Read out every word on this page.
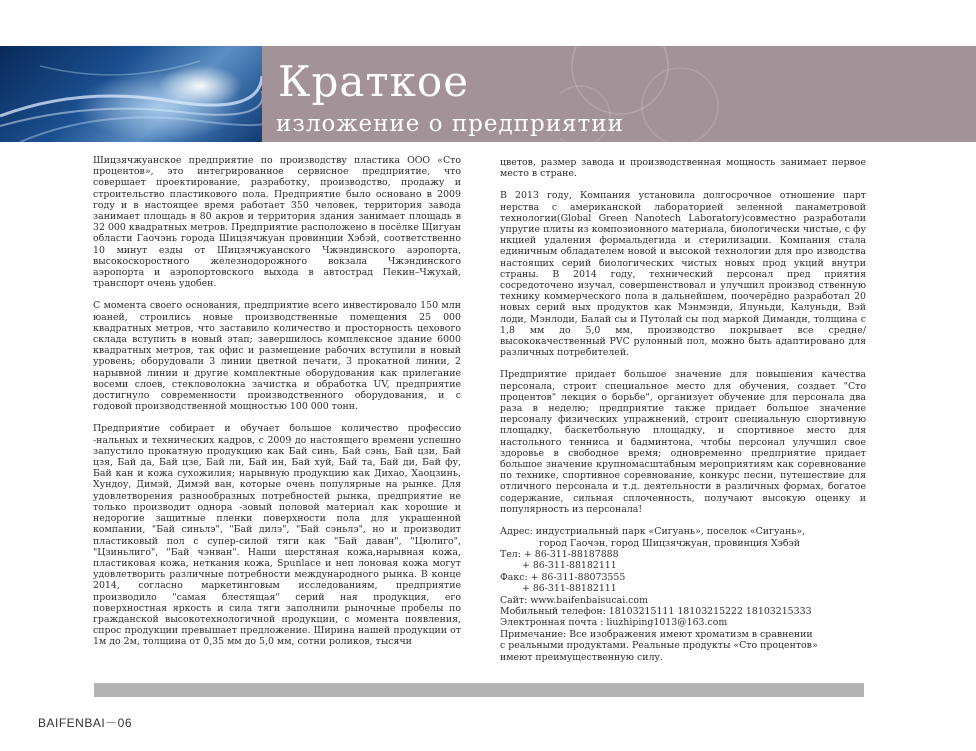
Краткое
изложение о предприятии

Шицзячжуанское предприятие по производству пластика ООО «Сто процентов», это интегрированное сервисное предприятие, что совершает проектирование, разработку, производство, продажу и строительство пластикового пола. Предприятие было основано в 2009 году и в настоящее время работает 350 человек, территория завода занимает площадь в 80 акров и территория здания занимает площадь в 32 000 квадратных метров. Предприятие расположено в посёлке Щигуан области Гаочэнь города Шицзячжуан провинции Хэбэй, соответственно 10 минут езды от Шицзячжуанского Чжэндинского аэропорта, высокоскоростного железнодорожного вокзала Чжэндинского аэропорта и аэропортовского выхода в автострад Пекин–Чжухай, транспорт очень удобен.

С момента своего основания, предприятие всего инвестировало 150 млн юаней, строились новые производственные помещения 25 000 квадратных метров, что заставило количество и просторность цехового склада вступить в новый этап; завершилось комплексное здание 6000 квадратных метров, так офис и размещение рабочих вступили в новый уровень; оборудовали 3 линии цветной печати, 3 прокатной линии, 2 нарывной линии и другие комплектные оборудования как прилегание восеми слоев, стекловолокна зачистка и обработка UV, предприятие достигнуло современности производственного оборудования, и с годовой производственной мощностью 100 000 тонн.

Предприятие собирает и обучает большое количество профессио -нальных и технических кадров, с 2009 до настоящего времени успешно запустило прокатную продукцию как Бай синь, Бай сэнь, Бай цзи, Бай цзя, Бай да, Бай цзе, Бай ли, Бай ин, Бай хуй, Бай та, Бай ди, Бай фу, Бай кан и кожа сухожилия; нарывную продукцию как Дихао, Хаоцзинь, Хундоу, Димэй, Димэй ван, которые очень популярные на рынке. Для удовлетворения разнообразных потребностей рынка, предприятие не только производит однора -зовый половой материал как хорошие и недорогие защитные пленки поверхности пола для украшенной компании, "Бай синьлэ", "Бай дилэ", "Бай сэньлэ", но и производит пластиковый пол с супер-силой тяги как "Бай даван", "Цюлиго", "Цзиньлиго", "Бай чэнван". Наши шерстяная кожа,нарывная кожа, пластиковая кожа, неткания кожа, Spunlace и неп лоновая кожа могут удовлетворить различные потребности международного рынка. В конце 2014, согласно маркетинговым исследованиям, предприятие производило "самая блестящая" серий ная продукция, его поверхностная яркость и сила тяги заполнили рыночные пробелы по гражданской высокотехнологичной продукции, с момента появления, спрос продукции превышает предложение. Ширина нашей продукции от 1м до 2м, толщина от 0,35 мм до 5,0 мм, сотни роликов, тысячи

цветов, размер завода и производственная мощность занимает первое место в стране.

В 2013 году, Компания установила долгосрочное отношение парт нерства с американской лабораторией зеленной панаметровой технологии(Global Green Nanotech Laboratory)совместно разработали упругие плиты из композионного материала, биологически чистые, с фу нкцией удаления формальдегида и стерилизации. Компания стала единичным обладателем новой и высокой технологии для про изводства настоящих серий биологических чистых новых прод укций внутри страны. В 2014 году, технический персонал пред приятия сосредоточено изучал, совершенствовал и улучшил производ ственную технику коммерческого пола в дальнейшем, поочерёдно разработал 20 новых серий ных продуктов как Мэнмэнди, Ялуньди, Калуньди, Вэй лоди, Мэнлоди, Балай сы и Путолай сы под маркой Димандн, толщина с 1,8 мм до 5,0 мм, производство покрывает все средне/высококачественный PVC рулонный пол, можно быть адаптировано для различных потребителей.

Предприятие придает большое значение для повышения качества персонала, строит специальное место для обучения, создает "Сто процентов" лекция о борьбе", организует обучение для персонала два раза в неделю; предприятие также придает большое значение персоналу физических упражнений, строит специальную спортивную площадку, баскетбольную площадку, и спортивное место для настольного тенниса и бадминтона, чтобы персонал улучшил свое здоровье в свободное время; одновременно предприятие придает большое значение крупномасштабным мероприятиям как соревнование по технике, спортивное соревнование, конкурс песни, путешествие для отличного персонала и т.д. деятельности в различных формах, богатое содержание, сильная сплоченность, получают высокую оценку и популярность из персонала!

Адрес: индустриальный парк «Сигуань», поселок «Сигуань»,
город Гаочэн, город Шицзячжуан, провинция Хэбэй
Тел: + 86-311-88187888
+ 86-311-88182111
Факс: + 86-311-88073555
+ 86-311-88182111
Сайт: www.baifenbaisucai.com
Мобильный телефон: 18103215111 18103215222 18103215333
Электронная почта : liuzhiping1013@163.com
Примечание: Все изображения имеют хроматизм в сравнении
с реальными продуктами. Реальные продукты «Сто процентов»
имеют преимущественную силу.
BAIFENBAI－06
